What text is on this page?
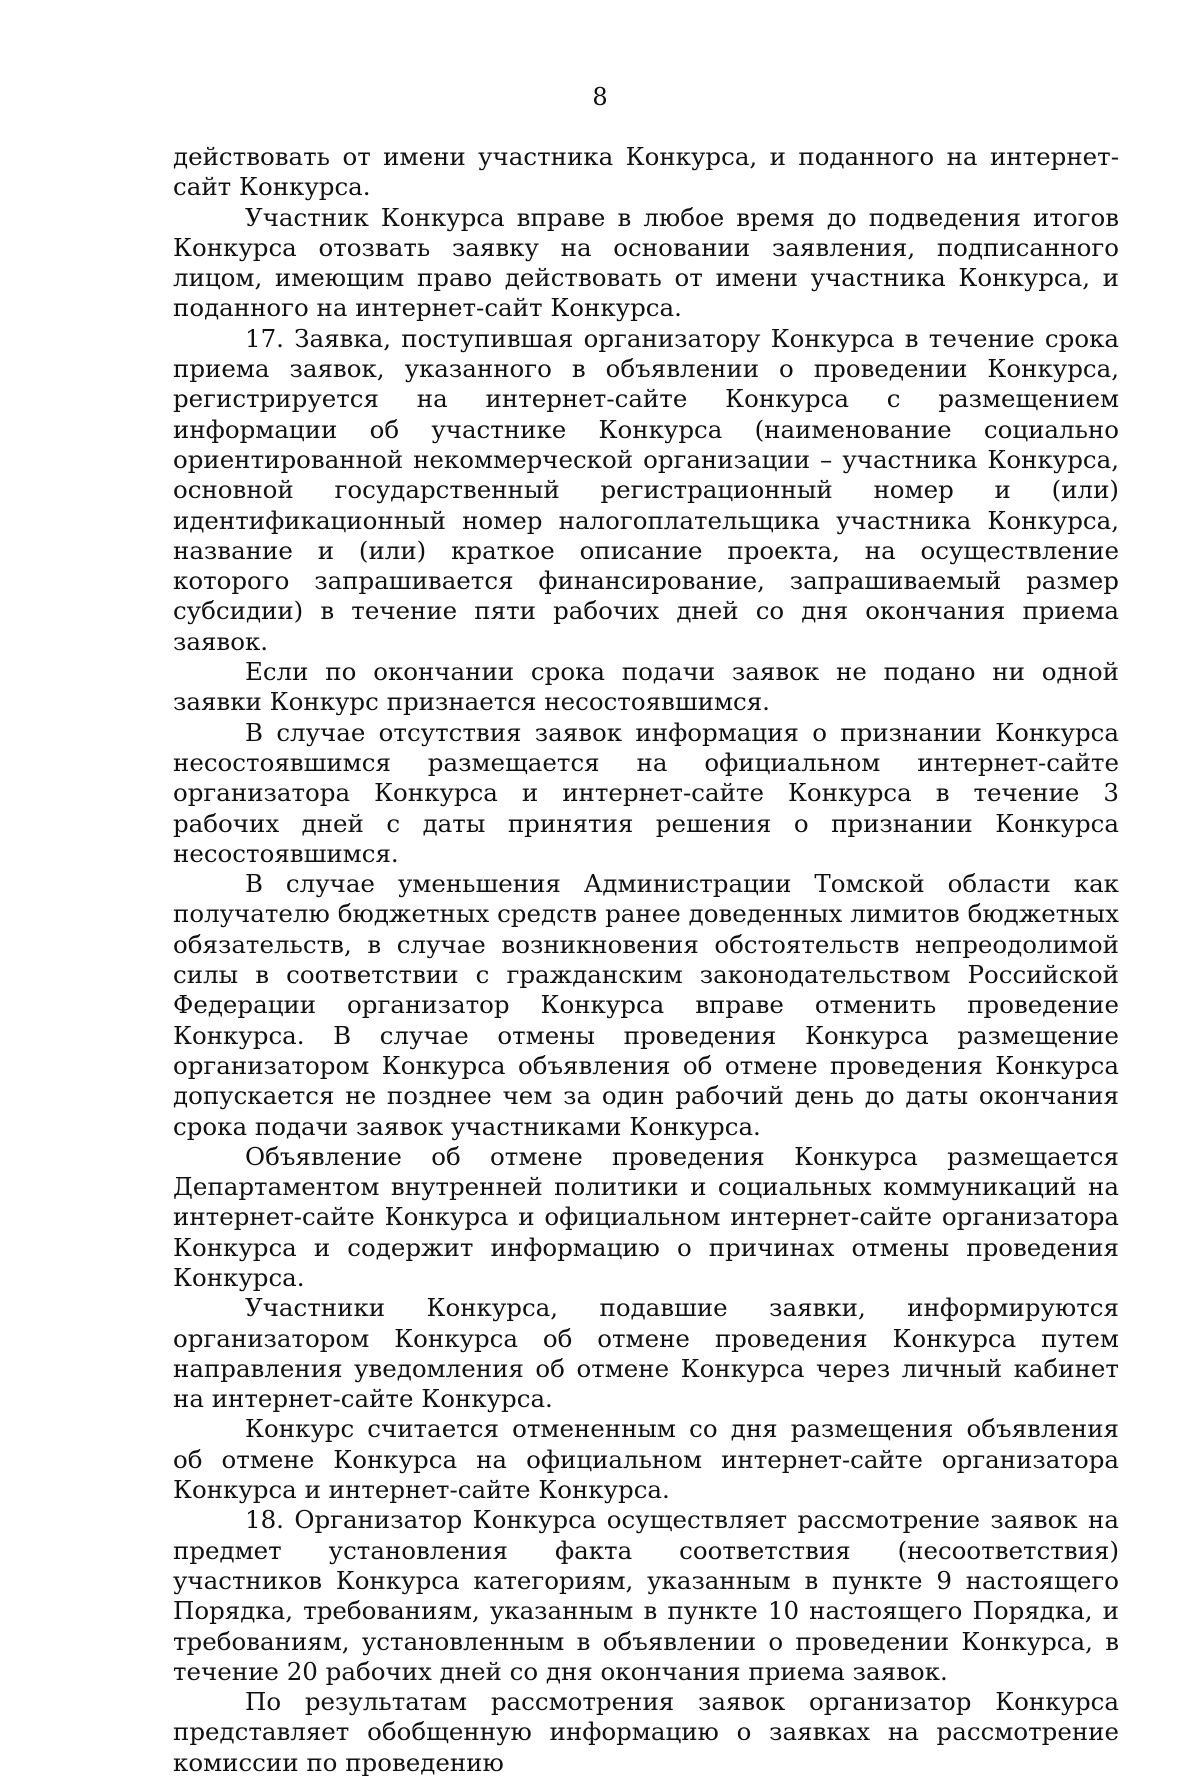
8

действовать от имени участника Конкурса, и поданного на интернет-сайт Конкурса.

Участник Конкурса вправе в любое время до подведения итогов Конкурса отозвать заявку на основании заявления, подписанного лицом, имеющим право действовать от имени участника Конкурса, и поданного на интернет-сайт Конкурса.

17. Заявка, поступившая организатору Конкурса в течение срока приема заявок, указанного в объявлении о проведении Конкурса, регистрируется на интернет-сайте Конкурса с размещением информации об участнике Конкурса (наименование социально ориентированной некоммерческой организации – участника Конкурса, основной государственный регистрационный номер и (или) идентификационный номер налогоплательщика участника Конкурса, название и (или) краткое описание проекта, на осуществление которого запрашивается финансирование, запрашиваемый размер субсидии) в течение пяти рабочих дней со дня окончания приема заявок.

Если по окончании срока подачи заявок не подано ни одной заявки Конкурс признается несостоявшимся.

В случае отсутствия заявок информация о признании Конкурса несостоявшимся размещается на официальном интернет-сайте организатора Конкурса и интернет-сайте Конкурса в течение 3 рабочих дней с даты принятия решения о признании Конкурса несостоявшимся.

В случае уменьшения Администрации Томской области как получателю бюджетных средств ранее доведенных лимитов бюджетных обязательств, в случае возникновения обстоятельств непреодолимой силы в соответствии с гражданским законодательством Российской Федерации организатор Конкурса вправе отменить проведение Конкурса. В случае отмены проведения Конкурса размещение организатором Конкурса объявления об отмене проведения Конкурса допускается не позднее чем за один рабочий день до даты окончания срока подачи заявок участниками Конкурса.

Объявление об отмене проведения Конкурса размещается Департаментом внутренней политики и социальных коммуникаций на интернет-сайте Конкурса и официальном интернет-сайте организатора Конкурса и содержит информацию о причинах отмены проведения Конкурса.

Участники Конкурса, подавшие заявки, информируются организатором Конкурса об отмене проведения Конкурса путем направления уведомления об отмене Конкурса через личный кабинет на интернет-сайте Конкурса.

Конкурс считается отмененным со дня размещения объявления об отмене Конкурса на официальном интернет-сайте организатора Конкурса и интернет-сайте Конкурса.

18. Организатор Конкурса осуществляет рассмотрение заявок на предмет установления факта соответствия (несоответствия) участников Конкурса категориям, указанным в пункте 9 настоящего Порядка, требованиям, указанным в пункте 10 настоящего Порядка, и требованиям, установленным в объявлении о проведении Конкурса, в течение 20 рабочих дней со дня окончания приема заявок.

По результатам рассмотрения заявок организатор Конкурса представляет обобщенную информацию о заявках на рассмотрение комиссии по проведению
